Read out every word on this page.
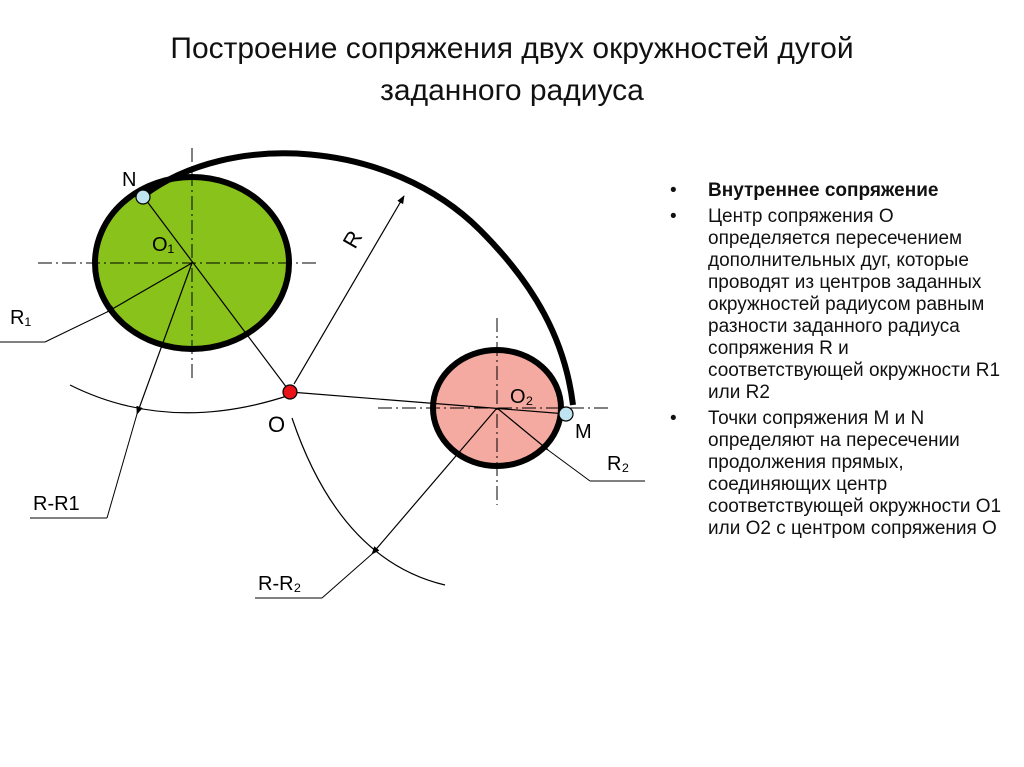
Построение сопряжения двух окружностей дугой
заданного радиуса
N
O₁
R₁
R
O
O₂
M
R₂
R-R1
R-R₂
• Внутреннее сопряжение
• Центр сопряжения О определяется пересечением дополнительных дуг, которые проводят из центров заданных окружностей радиусом равным разности заданного радиуса сопряжения R и соответствующей окружности R1 или R2
• Точки сопряжения M и N определяют на пересечении продолжения прямых, соединяющих центр соответствующей окружности О1 или О2 с центром сопряжения О
